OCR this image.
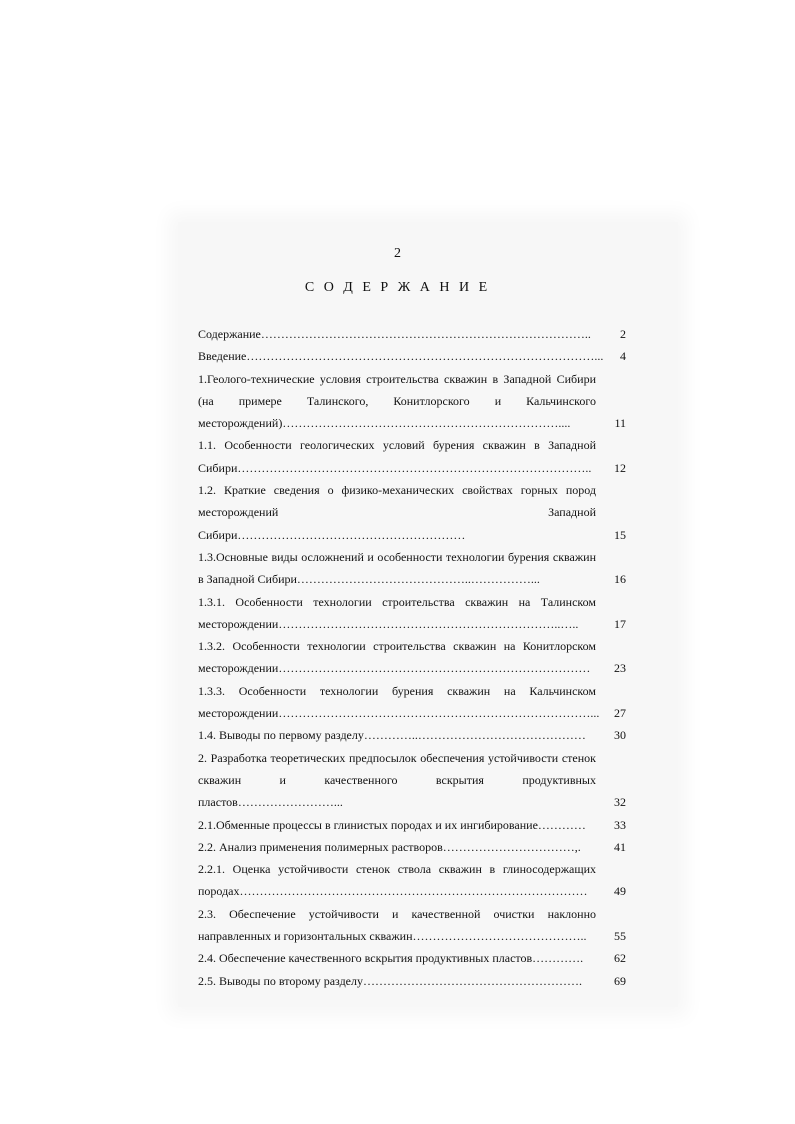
2
С О Д Е Р Ж А Н И Е
Содержание………………………………………………………………………..	2
Введение……………………………………………………………………………...	4
1.Геолого-технические условия строительства скважин в Западной Сибири (на примере Талинского, Конитлорского и Кальчинского месторождений)……………………………………………………………....	11
1.1. Особенности геологических условий бурения скважин в Западной Сибири……………………………………………………………………………..	12
1.2. Краткие сведения о физико-механических свойствах горных пород месторождений Западной Сибири…………………………………………………	15
1.3.Основные виды осложнений и особенности технологии бурения скважин в Западной Сибири……………………………………..……………...	16
1.3.1. Особенности технологии строительства скважин на Талинском месторождении……………………………………………………………..…..	17
1.3.2. Особенности технологии строительства скважин на Конитлорском месторождении……………………………………………………………………	23
1.3.3. Особенности технологии бурения скважин на Кальчинском месторождении……………………………………………………………………...	27
1.4. Выводы по первому разделу…………..……………………………………	30
2. Разработка теоретических предпосылок обеспечения устойчивости стенок скважин и качественного вскрытия продуктивных пластов……………………...	32
2.1.Обменные процессы в глинистых породах и их ингибирование…………	33
2.2. Анализ применения полимерных растворов……………………………,.	41
2.2.1. Оценка устойчивости стенок ствола скважин в глиносодержащих породах……………………………………………………………………………	49
2.3. Обеспечение устойчивости и качественной очистки наклонно направленных и горизонтальных скважин……………………………………..	55
2.4. Обеспечение качественного вскрытия продуктивных пластов………….	62
2.5. Выводы по второму разделу……………………………………………….	69
